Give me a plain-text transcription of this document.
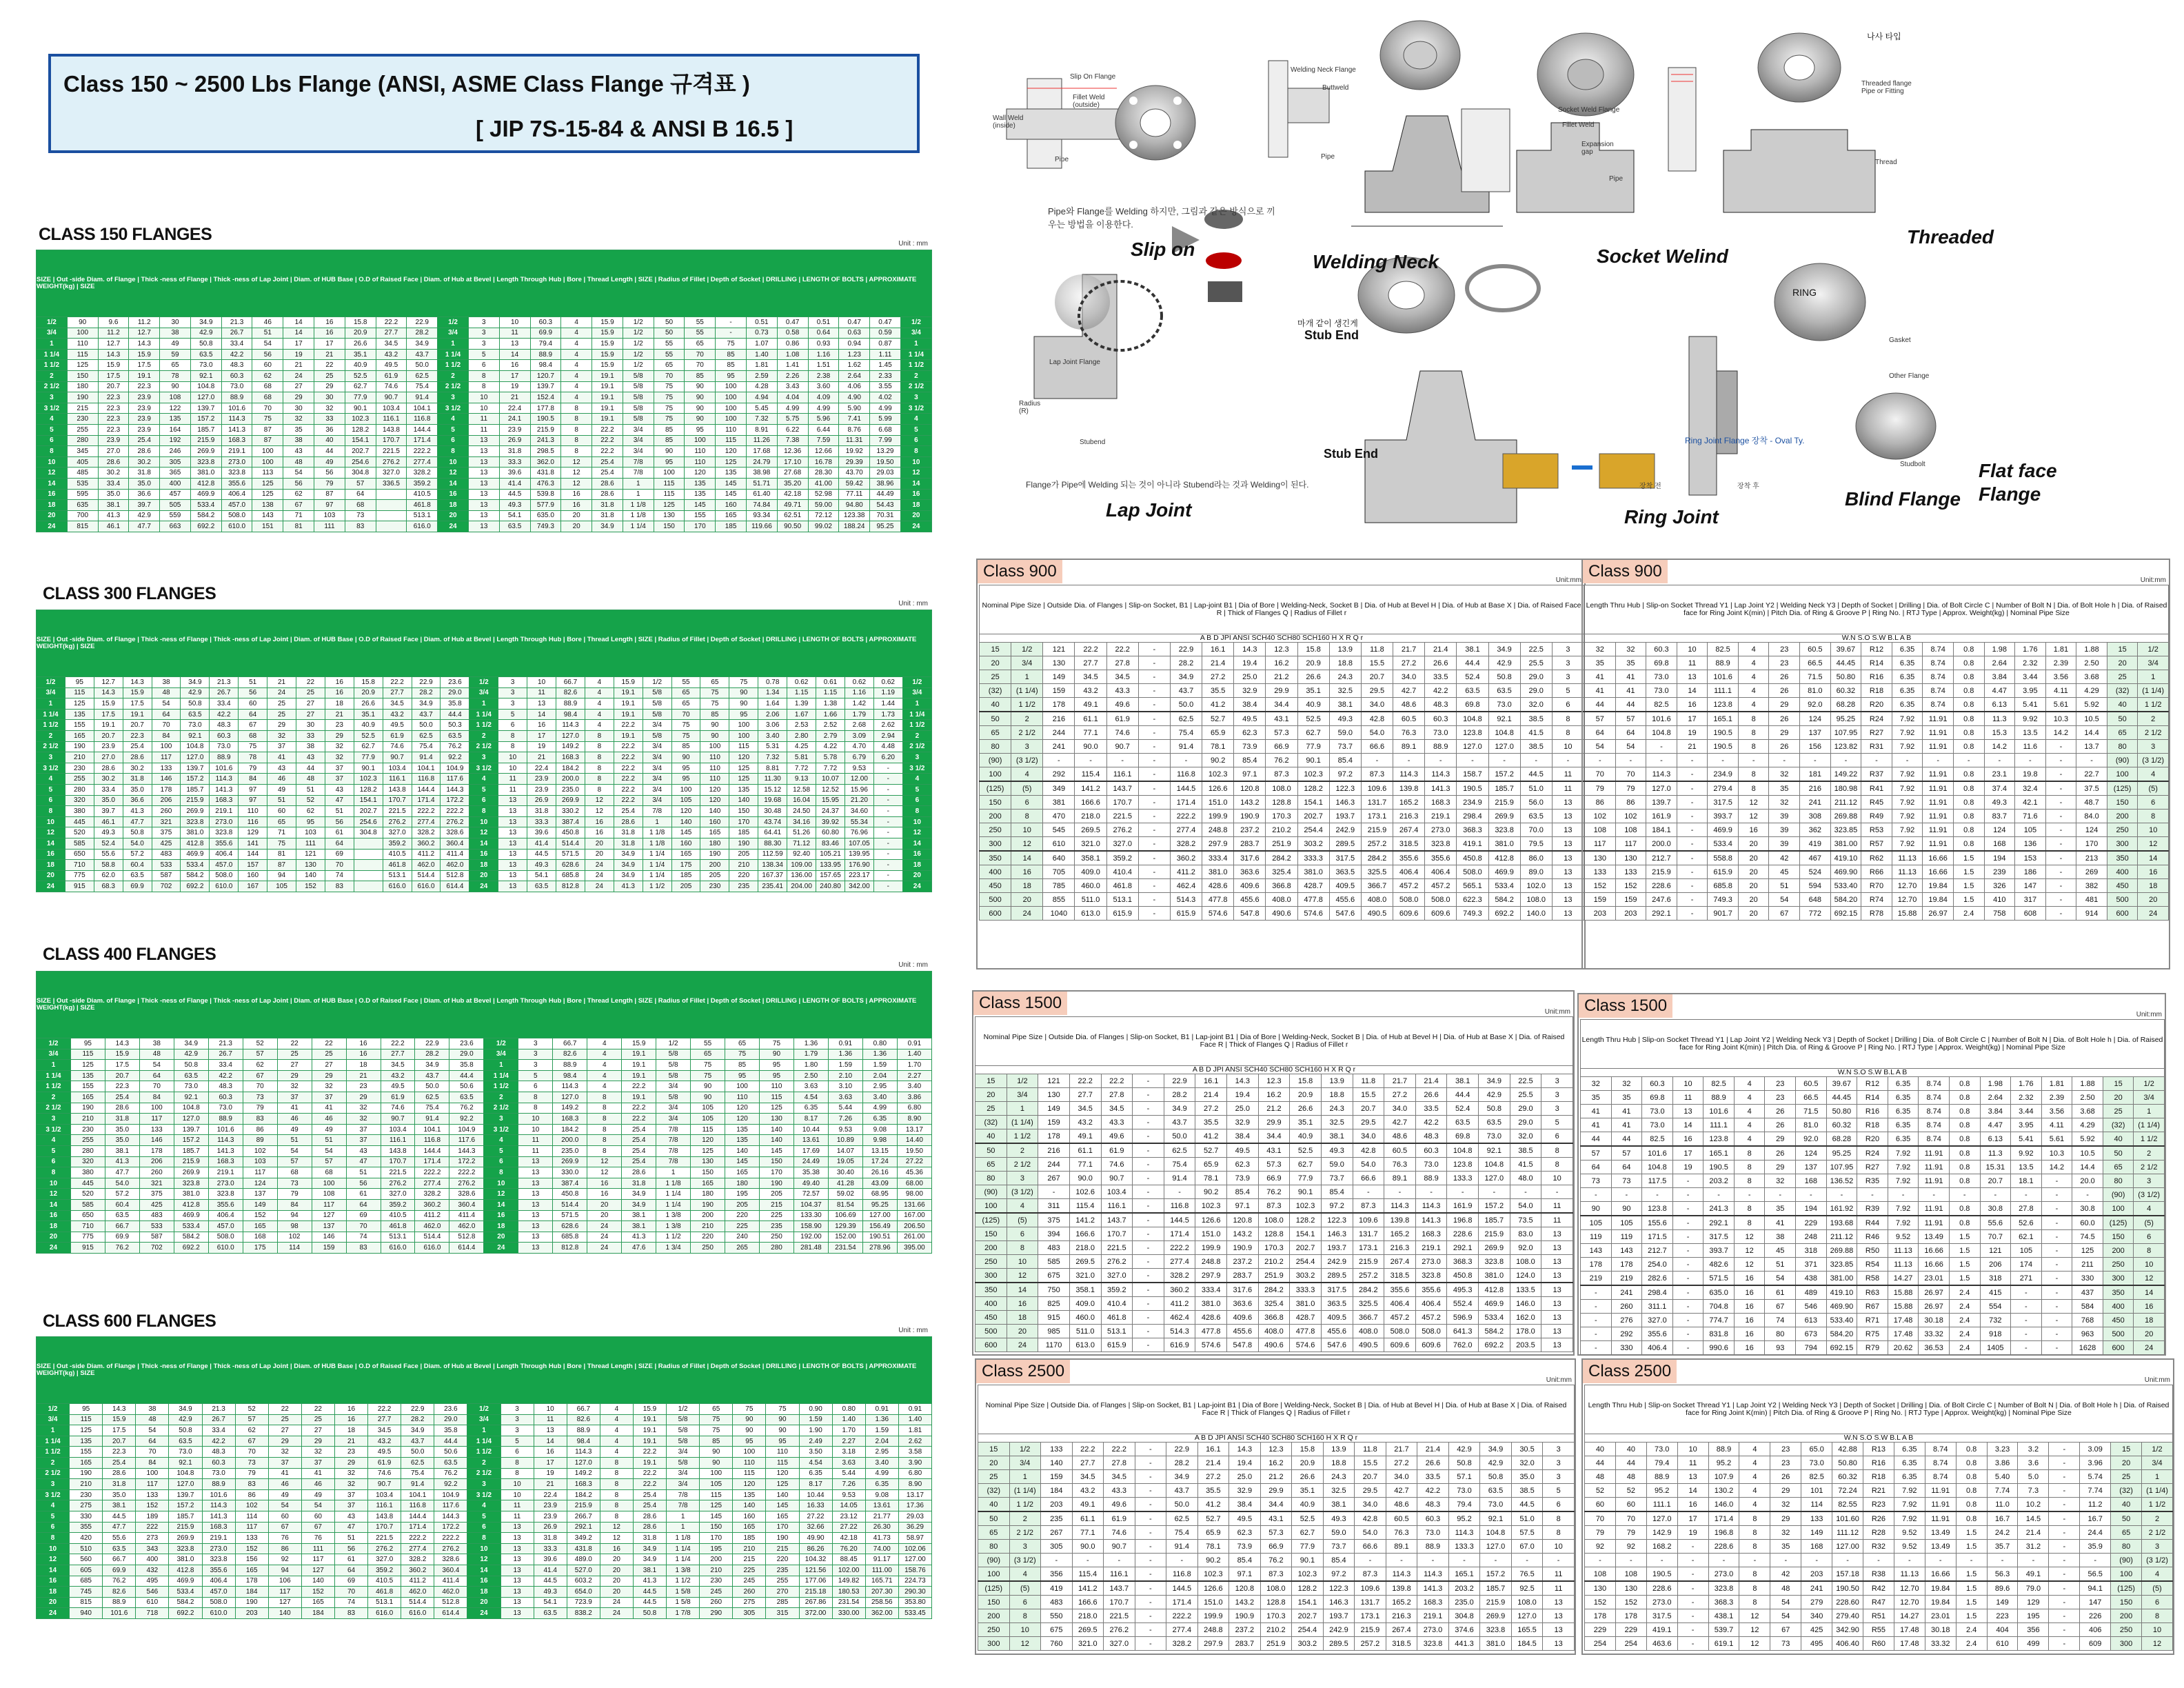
Class 150 ~ 2500 Lbs Flange (ANSI, ASME Class Flange 규격표 )
[ JIP 7S-15-84 & ANSI B 16.5 ]
CLASS 150 FLANGES
CLASS 300 FLANGES
CLASS 400 FLANGES
CLASS 600 FLANGES
SIZE | Out -side Diam. of Flange | Thick -ness of Flange | Thick -ness of Lap Joint | Diam. of HUB Base | O.D of Raised Face | Diam. of Hub at Bevel | Length Through Hub | Bore | Thread Length | SIZE | Radius of Fillet | Depth of Socket | DRILLING | LENGTH OF BOLTS | APPROXIMATE WEIGHT(kg) | SIZE																												
1/2	90	9.6	11.2	30	34.9	21.3	46	14	16	15.8	22.2	22.9	1/2	3	10	60.3	4	15.9	1/2	50	55	-	0.51	0.47	0.51	0.47	0.47	1/2
3/4	100	11.2	12.7	38	42.9	26.7	51	14	16	20.9	27.7	28.2	3/4	3	11	69.9	4	15.9	1/2	50	55	-	0.73	0.58	0.64	0.63	0.59	3/4
1	110	12.7	14.3	49	50.8	33.4	54	17	17	26.6	34.5	34.9	1	3	13	79.4	4	15.9	1/2	55	65	75	1.07	0.86	0.93	0.94	0.87	1
1 1/4	115	14.3	15.9	59	63.5	42.2	56	19	21	35.1	43.2	43.7	1 1/4	5	14	88.9	4	15.9	1/2	55	70	85	1.40	1.08	1.16	1.23	1.11	1 1/4
1 1/2	125	15.9	17.5	65	73.0	48.3	60	21	22	40.9	49.5	50.0	1 1/2	6	16	98.4	4	15.9	1/2	65	70	85	1.81	1.41	1.51	1.62	1.45	1 1/2
2	150	17.5	19.1	78	92.1	60.3	62	24	25	52.5	61.9	62.5	2	8	17	120.7	4	19.1	5/8	70	85	95	2.59	2.26	2.38	2.64	2.33	2
2 1/2	180	20.7	22.3	90	104.8	73.0	68	27	29	62.7	74.6	75.4	2 1/2	8	19	139.7	4	19.1	5/8	75	90	100	4.28	3.43	3.60	4.06	3.55	2 1/2
3	190	22.3	23.9	108	127.0	88.9	68	29	30	77.9	90.7	91.4	3	10	21	152.4	4	19.1	5/8	75	90	100	4.94	4.04	4.09	4.90	4.02	3
3 1/2	215	22.3	23.9	122	139.7	101.6	70	30	32	90.1	103.4	104.1	3 1/2	10	22.4	177.8	8	19.1	5/8	75	90	100	5.45	4.99	4.99	5.90	4.99	3 1/2
4	230	22.3	23.9	135	157.2	114.3	75	32	33	102.3	116.1	116.8	4	11	24.1	190.5	8	19.1	5/8	75	90	100	7.32	5.75	5.96	7.41	5.99	4
5	255	22.3	23.9	164	185.7	141.3	87	35	36	128.2	143.8	144.4	5	11	23.9	215.9	8	22.2	3/4	85	95	110	8.91	6.22	6.44	8.76	6.68	5
6	280	23.9	25.4	192	215.9	168.3	87	38	40	154.1	170.7	171.4	6	13	26.9	241.3	8	22.2	3/4	85	100	115	11.26	7.38	7.59	11.31	7.99	6
8	345	27.0	28.6	246	269.9	219.1	100	43	44	202.7	221.5	222.2	8	13	31.8	298.5	8	22.2	3/4	90	110	120	17.68	12.36	12.66	19.92	13.29	8
10	405	28.6	30.2	305	323.8	273.0	100	48	49	254.6	276.2	277.4	10	13	33.3	362.0	12	25.4	7/8	95	110	125	24.79	17.10	16.78	29.39	19.50	10
12	485	30.2	31.8	365	381.0	323.8	113	54	56	304.8	327.0	328.2	12	13	39.6	431.8	12	25.4	7/8	100	120	135	38.98	27.68	28.30	43.70	29.03	12
14	535	33.4	35.0	400	412.8	355.6	125	56	79	57	336.5	359.2	14	13	41.4	476.3	12	28.6	1	115	135	145	51.71	35.20	41.00	59.42	38.96	14
16	595	35.0	36.6	457	469.9	406.4	125	62	87	64		410.5	16	13	44.5	539.8	16	28.6	1	115	135	145	61.40	42.18	52.98	77.11	44.49	16
18	635	38.1	39.7	505	533.4	457.0	138	67	97	68		461.8	18	13	49.3	577.9	16	31.8	1 1/8	125	145	160	74.84	49.71	59.00	94.80	54.43	18
20	700	41.3	42.9	559	584.2	508.0	143	71	103	73		513.1	20	13	54.1	635.0	20	31.8	1 1/8	130	155	165	93.34	62.51	72.12	123.38	70.31	20
24	815	46.1	47.7	663	692.2	610.0	151	81	111	83		616.0	24	13	63.5	749.3	20	34.9	1 1/4	150	170	185	119.66	90.50	99.02	188.24	95.25	24
Unit : mm
SIZE | Out -side Diam. of Flange | Thick -ness of Flange | Thick -ness of Lap Joint | Diam. of HUB Base | O.D of Raised Face | Diam. of Hub at Bevel | Length Through Hub | Bore | Thread Length | SIZE | Radius of Fillet | Depth of Socket | DRILLING | LENGTH OF BOLTS | APPROXIMATE WEIGHT(kg) | SIZE																														
1/2	95	12.7	14.3	38	34.9	21.3	51	21	22	16	15.8	22.2	22.9	23.6	1/2	3	10	66.7	4	15.9	1/2	55	65	75	0.78	0.62	0.61	0.62	0.62	1/2
3/4	115	14.3	15.9	48	42.9	26.7	56	24	25	16	20.9	27.7	28.2	29.0	3/4	3	11	82.6	4	19.1	5/8	65	75	90	1.34	1.15	1.15	1.16	1.19	3/4
1	125	15.9	17.5	54	50.8	33.4	60	25	27	18	26.6	34.5	34.9	35.8	1	3	13	88.9	4	19.1	5/8	65	75	90	1.64	1.39	1.38	1.42	1.44	1
1 1/4	135	17.5	19.1	64	63.5	42.2	64	25	27	21	35.1	43.2	43.7	44.4	1 1/4	5	14	98.4	4	19.1	5/8	70	85	95	2.06	1.67	1.66	1.79	1.73	1 1/4
1 1/2	155	19.1	20.7	70	73.0	48.3	67	29	30	23	40.9	49.5	50.0	50.3	1 1/2	6	16	114.3	4	22.2	3/4	75	90	100	3.06	2.53	2.52	2.68	2.62	1 1/2
2	165	20.7	22.3	84	92.1	60.3	68	32	33	29	52.5	61.9	62.5	63.5	2	8	17	127.0	8	19.1	5/8	75	90	100	3.40	2.80	2.79	3.09	2.94	2
2 1/2	190	23.9	25.4	100	104.8	73.0	75	37	38	32	62.7	74.6	75.4	76.2	2 1/2	8	19	149.2	8	22.2	3/4	85	100	115	5.31	4.25	4.22	4.70	4.48	2 1/2
3	210	27.0	28.6	117	127.0	88.9	78	41	43	32	77.9	90.7	91.4	92.2	3	10	21	168.3	8	22.2	3/4	90	110	120	7.32	5.81	5.78	6.79	6.20	3
3 1/2	230	28.6	30.2	133	139.7	101.6	79	43	44	37	90.1	103.4	104.1	104.9	3 1/2	10	22.4	184.2	8	22.2	3/4	95	110	125	8.81	7.72	7.72	9.53	-	3 1/2
4	255	30.2	31.8	146	157.2	114.3	84	46	48	37	102.3	116.1	116.8	117.6	4	11	23.9	200.0	8	22.2	3/4	95	110	125	11.30	9.13	10.07	12.00	-	4
5	280	33.4	35.0	178	185.7	141.3	97	49	51	43	128.2	143.8	144.4	144.3	5	11	23.9	235.0	8	22.2	3/4	100	120	135	15.12	12.58	12.52	15.96	-	5
6	320	35.0	36.6	206	215.9	168.3	97	51	52	47	154.1	170.7	171.4	172.2	6	13	26.9	269.9	12	22.2	3/4	105	120	140	19.68	16.04	15.95	21.20	-	6
8	380	39.7	41.3	260	269.9	219.1	110	60	62	51	202.7	221.5	222.2	222.2	8	13	31.8	330.2	12	25.4	7/8	120	140	150	30.48	24.50	24.37	34.60	-	8
10	445	46.1	47.7	321	323.8	273.0	116	65	95	56	254.6	276.2	277.4	276.2	10	13	33.3	387.4	16	28.6	1	140	160	170	43.74	34.16	39.92	55.34	-	10
12	520	49.3	50.8	375	381.0	323.8	129	71	103	61	304.8	327.0	328.2	328.6	12	13	39.6	450.8	16	31.8	1 1/8	145	165	185	64.41	51.26	60.80	76.96	-	12
14	585	52.4	54.0	425	412.8	355.6	141	75	111	64		359.2	360.2	360.4	14	13	41.4	514.4	20	31.8	1 1/8	160	180	190	88.30	71.12	83.46	107.05	-	14
16	650	55.6	57.2	483	469.9	406.4	144	81	121	69		410.5	411.2	411.4	16	13	44.5	571.5	20	34.9	1 1/4	165	190	205	112.59	92.40	105.21	139.95	-	16
18	710	58.8	60.4	533	533.4	457.0	157	87	130	70		461.8	462.0	462.0	18	13	49.3	628.6	24	34.9	1 1/4	175	200	210	138.34	109.00	133.95	176.90	-	18
20	775	62.0	63.5	587	584.2	508.0	160	94	140	74		513.1	514.4	512.8	20	13	54.1	685.8	24	34.9	1 1/4	185	205	220	167.37	136.00	157.65	223.17	-	20
24	915	68.3	69.9	702	692.2	610.0	167	105	152	83		616.0	616.0	614.4	24	13	63.5	812.8	24	41.3	1 1/2	205	230	235	235.41	204.00	240.80	342.00	-	24
Unit : mm
SIZE | Out -side Diam. of Flange | Thick -ness of Flange | Thick -ness of Lap Joint | Diam. of HUB Base | O.D of Raised Face | Diam. of Hub at Bevel | Length Through Hub | Bore | Thread Length | SIZE | Radius of Fillet | Depth of Socket | DRILLING | LENGTH OF BOLTS | APPROXIMATE WEIGHT(kg) | SIZE																									
1/2	95	14.3	38	34.9	21.3	52	22	22	16	22.2	22.9	23.6	1/2	3	66.7	4	15.9	1/2	55	65	75	1.36	0.91	0.80	0.91
3/4	115	15.9	48	42.9	26.7	57	25	25	16	27.7	28.2	29.0	3/4	3	82.6	4	19.1	5/8	65	75	90	1.79	1.36	1.36	1.40
1	125	17.5	54	50.8	33.4	62	27	27	18	34.5	34.9	35.8	1	3	88.9	4	19.1	5/8	75	85	95	1.80	1.59	1.59	1.70
1 1/4	135	20.7	64	63.5	42.2	67	29	29	21	43.2	43.7	44.4	1 1/4	5	98.4	4	19.1	5/8	75	95	95	2.50	2.10	2.04	2.27
1 1/2	155	22.3	70	73.0	48.3	70	32	32	23	49.5	50.0	50.6	1 1/2	6	114.3	4	22.2	3/4	90	100	110	3.63	3.10	2.95	3.40
2	165	25.4	84	92.1	60.3	73	37	37	29	61.9	62.5	63.5	2	8	127.0	8	19.1	5/8	90	110	115	4.54	3.63	3.40	3.86
2 1/2	190	28.6	100	104.8	73.0	79	41	41	32	74.6	75.4	76.2	2 1/2	8	149.2	8	22.2	3/4	105	120	125	6.35	5.44	4.99	6.80
3	210	31.8	117	127.0	88.9	83	46	46	32	90.7	91.4	92.2	3	10	168.3	8	22.2	3/4	105	120	130	8.17	7.26	6.35	8.90
3 1/2	230	35.0	133	139.7	101.6	86	49	49	37	103.4	104.1	104.9	3 1/2	10	184.2	8	25.4	7/8	115	135	140	10.44	9.53	9.08	13.17
4	255	35.0	146	157.2	114.3	89	51	51	37	116.1	116.8	117.6	4	11	200.0	8	25.4	7/8	120	135	140	13.61	10.89	9.98	14.40
5	280	38.1	178	185.7	141.3	102	54	54	43	143.8	144.4	144.3	5	11	235.0	8	25.4	7/8	125	140	145	17.69	14.07	13.15	19.50
6	320	41.3	206	215.9	168.3	103	57	57	47	170.7	171.4	172.2	6	13	269.9	12	25.4	7/8	130	145	150	24.49	19.05	17.24	27.22
8	380	47.7	260	269.9	219.1	117	68	68	51	221.5	222.2	222.2	8	13	330.0	12	28.6	1	150	165	170	35.38	30.40	26.16	45.36
10	445	54.0	321	323.8	273.0	124	73	100	56	276.2	277.4	276.2	10	13	387.4	16	31.8	1 1/8	165	180	190	49.40	41.28	43.09	68.00
12	520	57.2	375	381.0	323.8	137	79	108	61	327.0	328.2	328.6	12	13	450.8	16	34.9	1 1/4	180	195	205	72.57	59.02	68.95	98.00
14	585	60.4	425	412.8	355.6	149	84	117	64	359.2	360.2	360.4	14	13	514.4	20	34.9	1 1/4	190	205	215	104.37	81.54	95.25	131.66
16	650	63.5	483	469.9	406.4	152	94	127	69	410.5	411.2	411.4	16	13	571.5	20	38.1	1 3/8	200	220	225	133.30	106.69	127.00	167.00
18	710	66.7	533	533.4	457.0	165	98	137	70	461.8	462.0	462.0	18	13	628.6	24	38.1	1 3/8	210	225	235	158.90	129.39	156.49	206.50
20	775	69.9	587	584.2	508.0	168	102	146	74	513.1	514.4	512.8	20	13	685.8	24	41.3	1 1/2	220	240	250	192.00	152.00	190.51	261.00
24	915	76.2	702	692.2	610.0	175	114	159	83	616.0	616.0	614.4	24	13	812.8	24	47.6	1 3/4	250	265	280	281.48	231.54	278.96	395.00
Unit : mm
SIZE | Out -side Diam. of Flange | Thick -ness of Flange | Thick -ness of Lap Joint | Diam. of HUB Base | O.D of Raised Face | Diam. of Hub at Bevel | Length Through Hub | Bore | Thread Length | SIZE | Radius of Fillet | Depth of Socket | DRILLING | LENGTH OF BOLTS | APPROXIMATE WEIGHT(kg) | SIZE																										
1/2	95	14.3	38	34.9	21.3	52	22	22	16	22.2	22.9	23.6	1/2	3	10	66.7	4	15.9	1/2	65	75	75	0.90	0.80	0.91	0.91
3/4	115	15.9	48	42.9	26.7	57	25	25	16	27.7	28.2	29.0	3/4	3	11	82.6	4	19.1	5/8	75	90	90	1.59	1.40	1.36	1.40
1	125	17.5	54	50.8	33.4	62	27	27	18	34.5	34.9	35.8	1	3	13	88.9	4	19.1	5/8	75	90	90	1.90	1.70	1.59	1.81
1 1/4	135	20.7	64	63.5	42.2	67	29	29	21	43.2	43.7	44.4	1 1/4	5	14	98.4	4	19.1	5/8	85	95	95	2.49	2.27	2.04	2.62
1 1/2	155	22.3	70	73.0	48.3	70	32	32	23	49.5	50.0	50.6	1 1/2	6	16	114.3	4	22.2	3/4	90	100	110	3.50	3.18	2.95	3.58
2	165	25.4	84	92.1	60.3	73	37	37	29	61.9	62.5	63.5	2	8	17	127.0	8	19.1	5/8	90	110	115	4.54	3.63	3.40	3.90
2 1/2	190	28.6	100	104.8	73.0	79	41	41	32	74.6	75.4	76.2	2 1/2	8	19	149.2	8	22.2	3/4	100	115	120	6.35	5.44	4.99	6.80
3	210	31.8	117	127.0	88.9	83	46	46	32	90.7	91.4	92.2	3	10	21	168.3	8	22.2	3/4	105	120	125	8.17	7.26	6.35	8.90
3 1/2	230	35.0	133	139.7	101.6	86	49	49	37	103.4	104.1	104.9	3 1/2	10	22.4	184.2	8	25.4	7/8	115	135	140	10.44	9.53	9.08	13.17
4	275	38.1	152	157.2	114.3	102	54	54	37	116.1	116.8	117.6	4	11	23.9	215.9	8	25.4	7/8	125	140	145	16.33	14.05	13.61	17.36
5	330	44.5	189	185.7	141.3	114	60	60	43	143.8	144.4	144.3	5	11	23.9	266.7	8	28.6	1	145	160	165	27.22	23.12	21.77	29.03
6	355	47.7	222	215.9	168.3	117	67	67	47	170.7	171.4	172.2	6	13	26.9	292.1	12	28.6	1	150	165	170	32.66	27.22	26.30	36.29
8	420	55.6	273	269.9	219.1	133	76	76	51	221.5	222.2	222.2	8	13	31.8	349.2	12	31.8	1 1/8	170	185	190	49.90	42.18	41.73	58.97
10	510	63.5	343	323.8	273.0	152	86	111	56	276.2	277.4	276.2	10	13	33.3	431.8	16	34.9	1 1/4	195	210	215	86.26	76.20	74.00	102.06
12	560	66.7	400	381.0	323.8	156	92	117	61	327.0	328.2	328.6	12	13	39.6	489.0	20	34.9	1 1/4	200	215	220	104.32	88.45	91.17	127.00
14	605	69.9	432	412.8	355.6	165	94	127	64	359.2	360.2	360.4	14	13	41.4	527.0	20	38.1	1 3/8	210	225	235	121.56	102.00	111.00	158.76
16	685	76.2	495	469.9	406.4	178	106	140	69	410.5	411.2	411.4	16	13	44.5	603.2	20	41.3	1 1/2	230	245	255	177.06	149.82	165.71	224.73
18	745	82.6	546	533.4	457.0	184	117	152	70	461.8	462.0	462.0	18	13	49.3	654.0	20	44.5	1 5/8	245	260	270	215.18	180.53	207.30	290.30
20	815	88.9	610	584.2	508.0	190	127	165	74	513.1	514.4	512.8	20	13	54.1	723.9	24	44.5	1 5/8	260	275	285	267.86	231.54	258.56	353.80
24	940	101.6	718	692.2	610.0	203	140	184	83	616.0	616.0	614.4	24	13	63.5	838.2	24	50.8	1 7/8	290	305	315	372.00	330.00	362.00	533.45
Unit : mm
Slip on
Welding Neck	Socket Welind
Threaded
Lap Joint	Ring Joint
Blind Flange
Flat face Flange
Pipe와 Flange를 Welding 하지만, 그림과 같은 방식으로 끼우는 방법을 이용한다.
Flange가 Pipe에 Welding 되는 것이 아니라 Stubend라는 것과 Welding이 된다.
Stub End
마개 같이 생긴게
Stub End
RING
Ring Joint Flange 장착 - Oval Ty.
나사 타입
Slip On Flange
Fillet Weld (outside)
Wall Weld (inside)
Pipe
Welding Neck Flange
Buttweld
Pipe
Socket Weld Flange
Fillet Weld
Expansion gap
Pipe
Threaded flange Pipe or Fitting
Thread
Lap Joint Flange
Radius (R)
Stubend
Gasket
Other Flange
Studbolt
장착 전	장착 후
Class 900	Unit:mm
Nominal Pipe Size | Outside Dia. of Flanges | Slip-on Socket, B1 | Lap-joint B1 | Dia of Bore | Welding-Neck, Socket B | Dia. of Hub at Bevel H | Dia. of Hub at Base X | Dia. of Raised Face R | Thick of Flanges Q | Radius of Fillet r																		
A B D JPI ANSI SCH40 SCH80 SCH160 H X R Q r																		
15	1/2	121	22.2	22.2	-	22.9	16.1	14.3	12.3	15.8	13.9	11.8	21.7	21.4	38.1	34.9	22.5	3
20	3/4	130	27.7	27.8	-	28.2	21.4	19.4	16.2	20.9	18.8	15.5	27.2	26.6	44.4	42.9	25.5	3
25	1	149	34.5	34.5	-	34.9	27.2	25.0	21.2	26.6	24.3	20.7	34.0	33.5	52.4	50.8	29.0	3
(32)	(1 1/4)	159	43.2	43.3	-	43.7	35.5	32.9	29.9	35.1	32.5	29.5	42.7	42.2	63.5	63.5	29.0	5
40	1 1/2	178	49.1	49.6	-	50.0	41.2	38.4	34.4	40.9	38.1	34.0	48.6	48.3	69.8	73.0	32.0	6
50	2	216	61.1	61.9	-	62.5	52.7	49.5	43.1	52.5	49.3	42.8	60.5	60.3	104.8	92.1	38.5	8
65	2 1/2	244	77.1	74.6	-	75.4	65.9	62.3	57.3	62.7	59.0	54.0	76.3	73.0	123.8	104.8	41.5	8
80	3	241	90.0	90.7	-	91.4	78.1	73.9	66.9	77.9	73.7	66.6	89.1	88.9	127.0	127.0	38.5	10
(90)	(3 1/2)	-	-	-	-	-	90.2	85.4	76.2	90.1	85.4	-	-	-	-	-	-	-
100	4	292	115.4	116.1	-	116.8	102.3	97.1	87.3	102.3	97.2	87.3	114.3	114.3	158.7	157.2	44.5	11
(125)	(5)	349	141.2	143.7	-	144.5	126.6	120.8	108.0	128.2	122.3	109.6	139.8	141.3	190.5	185.7	51.0	11
150	6	381	166.6	170.7	-	171.4	151.0	143.2	128.8	154.1	146.3	131.7	165.2	168.3	234.9	215.9	56.0	13
200	8	470	218.0	221.5	-	222.2	199.9	190.9	170.3	202.7	193.7	173.1	216.3	219.1	298.4	269.9	63.5	13
250	10	545	269.5	276.2	-	277.4	248.8	237.2	210.2	254.4	242.9	215.9	267.4	273.0	368.3	323.8	70.0	13
300	12	610	321.0	327.0	-	328.2	297.9	283.7	251.9	303.2	289.5	257.2	318.5	323.8	419.1	381.0	79.5	13
350	14	640	358.1	359.2	-	360.2	333.4	317.6	284.2	333.3	317.5	284.2	355.6	355.6	450.8	412.8	86.0	13
400	16	705	409.0	410.4	-	411.2	381.0	363.6	325.4	381.0	363.5	325.5	406.4	406.4	508.0	469.9	89.0	13
450	18	785	460.0	461.8	-	462.4	428.6	409.6	366.8	428.7	409.5	366.7	457.2	457.2	565.1	533.4	102.0	13
500	20	855	511.0	513.1	-	514.3	477.8	455.6	408.0	477.8	455.6	408.0	508.0	508.0	622.3	584.2	108.0	13
600	24	1040	613.0	615.9	-	615.9	574.6	547.8	490.6	574.6	547.6	490.5	609.6	609.6	749.3	692.2	140.0	13
Class 900	Unit:mm
Length Thru Hub | Slip-on Socket Thread Y1 | Lap Joint Y2 | Welding Neck Y3 | Depth of Socket | Drilling | Dia. of Bolt Circle C | Number of Bolt N | Dia. of Bolt Hole h | Dia. of Raised face for Ring Joint K(min) | Pitch Dia. of Ring & Groove P | Ring No. | RTJ Type | Approx. Weight(kg) | Nominal Pipe Size																		
W.N S.O S.W B.L A B																		
32	32	60.3	10	82.5	4	23	60.5	39.67	R12	6.35	8.74	0.8	1.98	1.76	1.81	1.88	15	1/2
35	35	69.8	11	88.9	4	23	66.5	44.45	R14	6.35	8.74	0.8	2.64	2.32	2.39	2.50	20	3/4
41	41	73.0	13	101.6	4	26	71.5	50.80	R16	6.35	8.74	0.8	3.84	3.44	3.56	3.68	25	1
41	41	73.0	14	111.1	4	26	81.0	60.32	R18	6.35	8.74	0.8	4.47	3.95	4.11	4.29	(32)	(1 1/4)
44	44	82.5	16	123.8	4	29	92.0	68.28	R20	6.35	8.74	0.8	6.13	5.41	5.61	5.92	40	1 1/2
57	57	101.6	17	165.1	8	26	124	95.25	R24	7.92	11.91	0.8	11.3	9.92	10.3	10.5	50	2
64	64	104.8	19	190.5	8	29	137	107.95	R27	7.92	11.91	0.8	15.3	13.5	14.2	14.4	65	2 1/2
54	54	-	21	190.5	8	26	156	123.82	R31	7.92	11.91	0.8	14.2	11.6	-	13.7	80	3
-	-	-	-	-	-	-	-	-	-	-	-	-	-	-	-	-	(90)	(3 1/2)
70	70	114.3	-	234.9	8	32	181	149.22	R37	7.92	11.91	0.8	23.1	19.8	-	22.7	100	4
79	79	127.0	-	279.4	8	35	216	180.98	R41	7.92	11.91	0.8	37.4	32.4	-	37.5	(125)	(5)
86	86	139.7	-	317.5	12	32	241	211.12	R45	7.92	11.91	0.8	49.3	42.1	-	48.7	150	6
102	102	161.9	-	393.7	12	39	308	269.88	R49	7.92	11.91	0.8	83.7	71.6	-	84.0	200	8
108	108	184.1	-	469.9	16	39	362	323.85	R53	7.92	11.91	0.8	124	105	-	124	250	10
117	117	200.0	-	533.4	20	39	419	381.00	R57	7.92	11.91	0.8	168	136	-	170	300	12
130	130	212.7	-	558.8	20	42	467	419.10	R62	11.13	16.66	1.5	194	153	-	213	350	14
133	133	215.9	-	615.9	20	45	524	469.90	R66	11.13	16.66	1.5	239	186	-	269	400	16
152	152	228.6	-	685.8	20	51	594	533.40	R70	12.70	19.84	1.5	326	147	-	382	450	18
159	159	247.6	-	749.3	20	54	648	584.20	R74	12.70	19.84	1.5	410	317	-	481	500	20
203	203	292.1	-	901.7	20	67	772	692.15	R78	15.88	26.97	2.4	758	608	-	914	600	24
Class 1500	Unit:mm
Nominal Pipe Size | Outside Dia. of Flanges | Slip-on Socket, B1 | Lap-joint B1 | Dia of Bore | Welding-Neck, Socket B | Dia. of Hub at Bevel H | Dia. of Hub at Base X | Dia. of Raised Face R | Thick of Flanges Q | Radius of Fillet r																		
A B D JPI ANSI SCH40 SCH80 SCH160 H X R Q r																		
15	1/2	121	22.2	22.2	-	22.9	16.1	14.3	12.3	15.8	13.9	11.8	21.7	21.4	38.1	34.9	22.5	3
20	3/4	130	27.7	27.8	-	28.2	21.4	19.4	16.2	20.9	18.8	15.5	27.2	26.6	44.4	42.9	25.5	3
25	1	149	34.5	34.5	-	34.9	27.2	25.0	21.2	26.6	24.3	20.7	34.0	33.5	52.4	50.8	29.0	3
(32)	(1 1/4)	159	43.2	43.3	-	43.7	35.5	32.9	29.9	35.1	32.5	29.5	42.7	42.2	63.5	63.5	29.0	5
40	1 1/2	178	49.1	49.6	-	50.0	41.2	38.4	34.4	40.9	38.1	34.0	48.6	48.3	69.8	73.0	32.0	6
50	2	216	61.1	61.9	-	62.5	52.7	49.5	43.1	52.5	49.3	42.8	60.5	60.3	104.8	92.1	38.5	8
65	2 1/2	244	77.1	74.6	-	75.4	65.9	62.3	57.3	62.7	59.0	54.0	76.3	73.0	123.8	104.8	41.5	8
80	3	267	90.0	90.7	-	91.4	78.1	73.9	66.9	77.9	73.7	66.6	89.1	88.9	133.3	127.0	48.0	10
(90)	(3 1/2)	-	102.6	103.4	-	-	90.2	85.4	76.2	90.1	85.4	-	-	-	-	-	-	-
100	4	311	115.4	116.1	-	116.8	102.3	97.1	87.3	102.3	97.2	87.3	114.3	114.3	161.9	157.2	54.0	11
(125)	(5)	375	141.2	143.7	-	144.5	126.6	120.8	108.0	128.2	122.3	109.6	139.8	141.3	196.8	185.7	73.5	11
150	6	394	166.6	170.7	-	171.4	151.0	143.2	128.8	154.1	146.3	131.7	165.2	168.3	228.6	215.9	83.0	13
200	8	483	218.0	221.5	-	222.2	199.9	190.9	170.3	202.7	193.7	173.1	216.3	219.1	292.1	269.9	92.0	13
250	10	585	269.5	276.2	-	277.4	248.8	237.2	210.2	254.4	242.9	215.9	267.4	273.0	368.3	323.8	108.0	13
300	12	675	321.0	327.0	-	328.2	297.9	283.7	251.9	303.2	289.5	257.2	318.5	323.8	450.8	381.0	124.0	13
350	14	750	358.1	359.2	-	360.2	333.4	317.6	284.2	333.3	317.5	284.2	355.6	355.6	495.3	412.8	133.5	13
400	16	825	409.0	410.4	-	411.2	381.0	363.6	325.4	381.0	363.5	325.5	406.4	406.4	552.4	469.9	146.0	13
450	18	915	460.0	461.8	-	462.4	428.6	409.6	366.8	428.7	409.5	366.7	457.2	457.2	596.9	533.4	162.0	13
500	20	985	511.0	513.1	-	514.3	477.8	455.6	408.0	477.8	455.6	408.0	508.0	508.0	641.3	584.2	178.0	13
600	24	1170	613.0	615.9	-	616.9	574.6	547.8	490.6	574.6	547.6	490.5	609.6	609.6	762.0	692.2	203.5	13
Class 1500	Unit:mm
Length Thru Hub | Slip-on Socket Thread Y1 | Lap Joint Y2 | Welding Neck Y3 | Depth of Socket | Drilling | Dia. of Bolt Circle C | Number of Bolt N | Dia. of Bolt Hole h | Dia. of Raised face for Ring Joint K(min) | Pitch Dia. of Ring & Groove P | Ring No. | RTJ Type | Approx. Weight(kg) | Nominal Pipe Size																		
W.N S.O S.W B.L A B																		
32	32	60.3	10	82.5	4	23	60.5	39.67	R12	6.35	8.74	0.8	1.98	1.76	1.81	1.88	15	1/2
35	35	69.8	11	88.9	4	23	66.5	44.45	R14	6.35	8.74	0.8	2.64	2.32	2.39	2.50	20	3/4
41	41	73.0	13	101.6	4	26	71.5	50.80	R16	6.35	8.74	0.8	3.84	3.44	3.56	3.68	25	1
41	41	73.0	14	111.1	4	26	81.0	60.32	R18	6.35	8.74	0.8	4.47	3.95	4.11	4.29	(32)	(1 1/4)
44	44	82.5	16	123.8	4	29	92.0	68.28	R20	6.35	8.74	0.8	6.13	5.41	5.61	5.92	40	1 1/2
57	57	101.6	17	165.1	8	26	124	95.25	R24	7.92	11.91	0.8	11.3	9.92	10.3	10.5	50	2
64	64	104.8	19	190.5	8	29	137	107.95	R27	7.92	11.91	0.8	15.31	13.5	14.2	14.4	65	2 1/2
73	73	117.5	-	203.2	8	32	168	136.52	R35	7.92	11.91	0.8	20.7	18.1	-	20.0	80	3
-	-	-	-	-	-	-	-	-	-	-	-	-	-	-	-	-	(90)	(3 1/2)
90	90	123.8	-	241.3	8	35	194	161.92	R39	7.92	11.91	0.8	30.8	27.8	-	30.8	100	4
105	105	155.6	-	292.1	8	41	229	193.68	R44	7.92	11.91	0.8	55.6	52.6	-	60.0	(125)	(5)
119	119	171.5	-	317.5	12	38	248	211.12	R46	9.52	13.49	1.5	70.7	62.1	-	74.5	150	6
143	143	212.7	-	393.7	12	45	318	269.88	R50	11.13	16.66	1.5	121	105	-	125	200	8
178	178	254.0	-	482.6	12	51	371	323.85	R54	11.13	16.66	1.5	206	174	-	211	250	10
219	219	282.6	-	571.5	16	54	438	381.00	R58	14.27	23.01	1.5	318	271	-	330	300	12
-	241	298.4	-	635.0	16	61	489	419.10	R63	15.88	26.97	2.4	415	-	-	437	350	14
-	260	311.1	-	704.8	16	67	546	469.90	R67	15.88	26.97	2.4	554	-	-	584	400	16
-	276	327.0	-	774.7	16	74	613	533.40	R71	17.48	30.18	2.4	732	-	-	768	450	18
-	292	355.6	-	831.8	16	80	673	584.20	R75	17.48	33.32	2.4	918	-	-	963	500	20
-	330	406.4	-	990.6	16	93	794	692.15	R79	20.62	36.53	2.4	1405	-	-	1628	600	24
Class 2500	Unit:mm
Nominal Pipe Size | Outside Dia. of Flanges | Slip-on Socket, B1 | Lap-joint B1 | Dia of Bore | Welding-Neck, Socket B | Dia. of Hub at Bevel H | Dia. of Hub at Base X | Dia. of Raised Face R | Thick of Flanges Q | Radius of Fillet r																		
A B D JPI ANSI SCH40 SCH80 SCH160 H X R Q r																		
15	1/2	133	22.2	22.2	-	22.9	16.1	14.3	12.3	15.8	13.9	11.8	21.7	21.4	42.9	34.9	30.5	3
20	3/4	140	27.7	27.8	-	28.2	21.4	19.4	16.2	20.9	18.8	15.5	27.2	26.6	50.8	42.9	32.0	3
25	1	159	34.5	34.5	-	34.9	27.2	25.0	21.2	26.6	24.3	20.7	34.0	33.5	57.1	50.8	35.0	3
(32)	(1 1/4)	184	43.2	43.3	-	43.7	35.5	32.9	29.9	35.1	32.5	29.5	42.7	42.2	73.0	63.5	38.5	5
40	1 1/2	203	49.1	49.6	-	50.0	41.2	38.4	34.4	40.9	38.1	34.0	48.6	48.3	79.4	73.0	44.5	6
50	2	235	61.1	61.9	-	62.5	52.7	49.5	43.1	52.5	49.3	42.8	60.5	60.3	95.2	92.1	51.0	8
65	2 1/2	267	77.1	74.6	-	75.4	65.9	62.3	57.3	62.7	59.0	54.0	76.3	73.0	114.3	104.8	57.5	8
80	3	305	90.0	90.7	-	91.4	78.1	73.9	66.9	77.9	73.7	66.6	89.1	88.9	133.3	127.0	67.0	10
(90)	(3 1/2)	-	-	-	-	-	90.2	85.4	76.2	90.1	85.4	-	-	-	-	-	-	-
100	4	356	115.4	116.1	-	116.8	102.3	97.1	87.3	102.3	97.2	87.3	114.3	114.3	165.1	157.2	76.5	11
(125)	(5)	419	141.2	143.7	-	144.5	126.6	120.8	108.0	128.2	122.3	109.6	139.8	141.3	203.2	185.7	92.5	11
150	6	483	166.6	170.7	-	171.4	151.0	143.2	128.8	154.1	146.3	131.7	165.2	168.3	235.0	215.9	108.0	13
200	8	550	218.0	221.5	-	222.2	199.9	190.9	170.3	202.7	193.7	173.1	216.3	219.1	304.8	269.9	127.0	13
250	10	675	269.5	276.2	-	277.4	248.8	237.2	210.2	254.4	242.9	215.9	267.4	273.0	374.6	323.8	165.5	13
300	12	760	321.0	327.0	-	328.2	297.9	283.7	251.9	303.2	289.5	257.2	318.5	323.8	441.3	381.0	184.5	13
Class 2500	Unit:mm
Length Thru Hub | Slip-on Socket Thread Y1 | Lap Joint Y2 | Welding Neck Y3 | Depth of Socket | Drilling | Dia. of Bolt Circle C | Number of Bolt N | Dia. of Bolt Hole h | Dia. of Raised face for Ring Joint K(min) | Pitch Dia. of Ring & Groove P | Ring No. | RTJ Type | Approx. Weight(kg) | Nominal Pipe Size																		
W.N S.O S.W B.L A B																		
40	40	73.0	10	88.9	4	23	65.0	42.88	R13	6.35	8.74	0.8	3.23	3.2	-	3.09	15	1/2
44	44	79.4	11	95.2	4	23	73.0	50.80	R16	6.35	8.74	0.8	3.86	3.6	-	3.96	20	3/4
48	48	88.9	13	107.9	4	26	82.5	60.32	R18	6.35	8.74	0.8	5.40	5.0	-	5.74	25	1
52	52	95.2	14	130.2	4	29	101	72.24	R21	7.92	11.91	0.8	7.74	7.3	-	7.74	(32)	(1 1/4)
60	60	111.1	16	146.0	4	32	114	82.55	R23	7.92	11.91	0.8	11.0	10.2	-	11.2	40	1 1/2
70	70	127.0	17	171.4	8	29	133	101.60	R26	7.92	11.91	0.8	16.7	14.5	-	16.7	50	2
79	79	142.9	19	196.8	8	32	149	111.12	R28	9.52	13.49	1.5	24.2	21.4	-	24.4	65	2 1/2
92	92	168.2	-	228.6	8	35	168	127.00	R32	9.52	13.49	1.5	35.7	31.2	-	35.9	80	3
-	-	-	-	-	-	-	-	-	-	-	-	-	-	-	-	-	(90)	(3 1/2)
108	108	190.5	-	273.0	8	42	203	157.18	R38	11.13	16.66	1.5	56.3	49.1	-	56.5	100	4
130	130	228.6	-	323.8	8	48	241	190.50	R42	12.70	19.84	1.5	89.6	79.0	-	94.1	(125)	(5)
152	152	273.0	-	368.3	8	54	279	228.60	R47	12.70	19.84	1.5	149	129	-	147	150	6
178	178	317.5	-	438.1	12	54	340	279.40	R51	14.27	23.01	1.5	223	195	-	226	200	8
229	229	419.1	-	539.7	12	67	425	342.90	R55	17.48	30.18	2.4	404	356	-	406	250	10
254	254	463.6	-	619.1	12	73	495	406.40	R60	17.48	33.32	2.4	610	499	-	609	300	12
